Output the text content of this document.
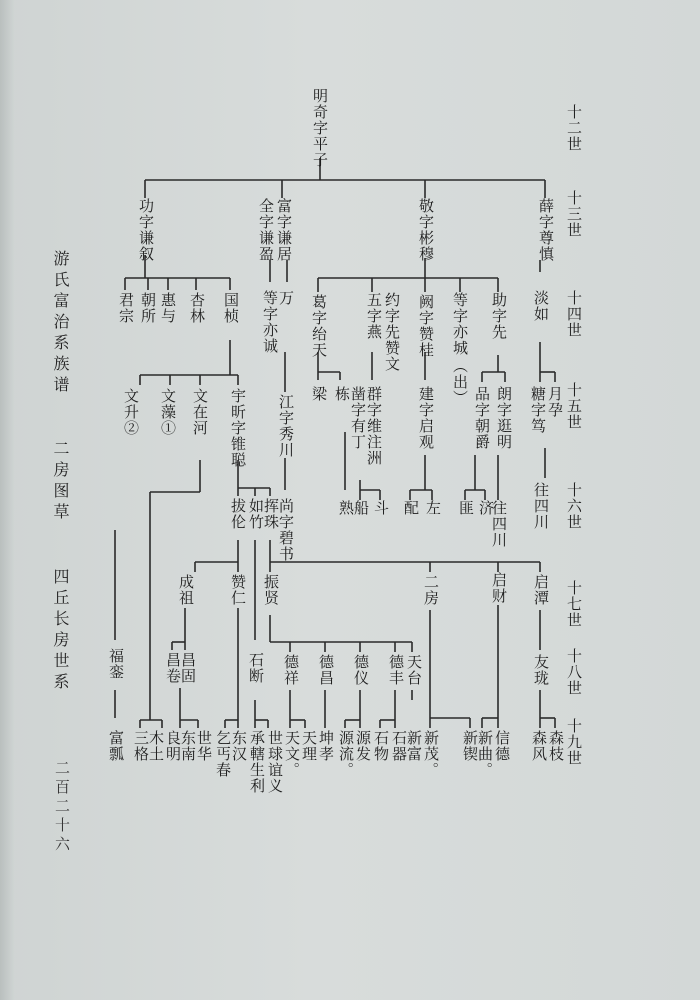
明奇字平子	十二世
十三世
十四世
十五世
十六世
十七世
十八世
十九世
游氏富治系族谱
二房图草
四丘长房世系
二百二十六
功字谦叙	富字谦居
全字谦盈	敬字彬穆	薛字尊慎
君宗 朝所 惠与 杏林 国桢 万
等字亦诚 葛字绐天	约字先赞文
五字燕 阙字赞桂 等字亦城
（出）
助字先 淡如
文升② 文藻① 文在河 宇昕字锥聪 江字秀川 梁 栋 群字维注洲
凿字有丁	建字启观	朗字逛明
品字朝爵	月孕
糖字笃
拔伦 如竹
挥珠
尚字碧书	熟
船 斗 配 左 匪 济
往四川 往四川
成祖 赞仁 振贤	二房	启财 启潭
福銮	昌卷
昌固	石断 德祥 德昌 德仪 德丰 天台	友珑
富瓢 三格
木土 良明
东南
世华 乞丐春
东汉 承轄生利 世球谊义 天文。 天理 坤孝 源流。 源发 石物 石器 新茂。
新富	新锲
新曲。 信德 森风 森枝
